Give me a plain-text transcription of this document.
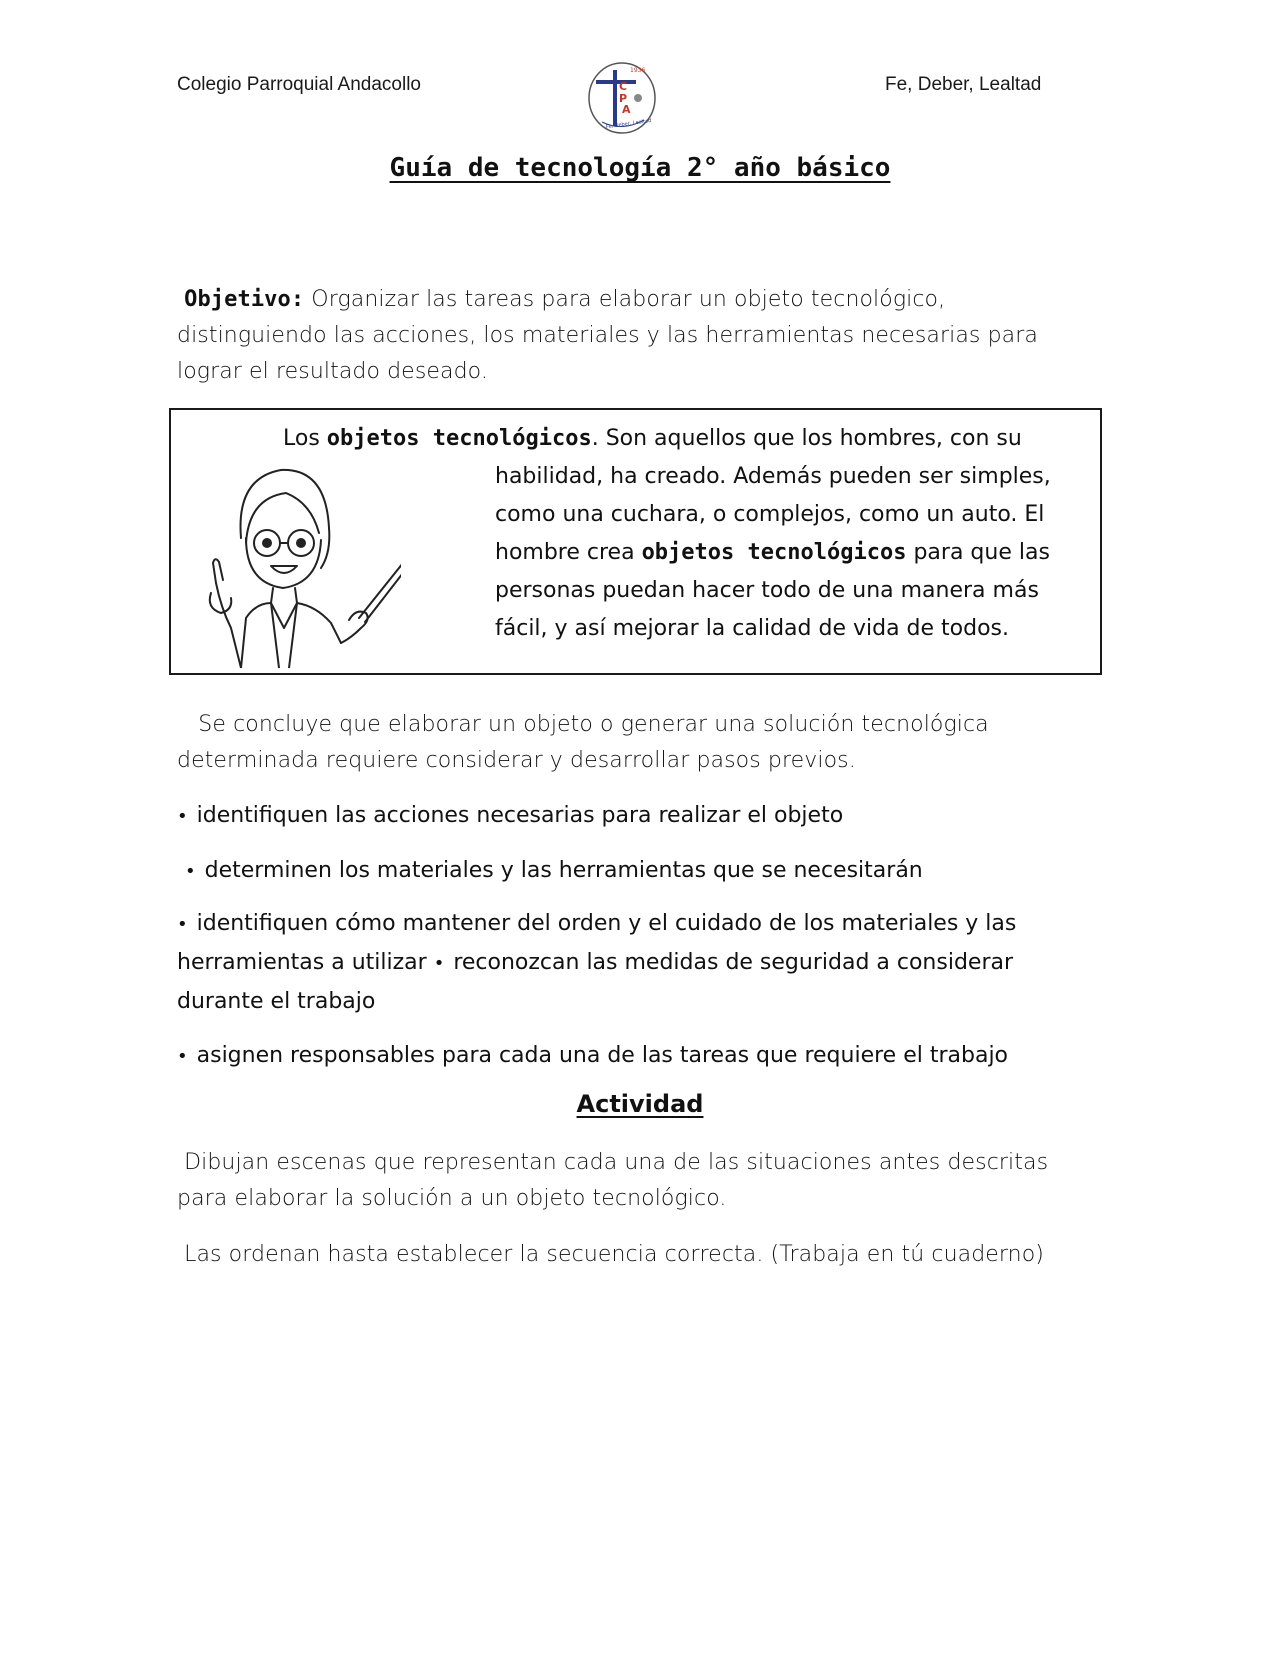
Colegio Parroquial Andacollo
1936
C
P
A
Fe, Deber, Lealtad
Fe, Deber, Lealtad
Guía de tecnología 2° año básico
Objetivo: Organizar las tareas para elaborar un objeto tecnológico, distinguiendo las acciones, los materiales y las herramientas necesarias para lograr el resultado deseado.
Los objetos tecnológicos. Son aquellos que los hombres, con su
habilidad, ha creado. Además pueden ser simples, como una cuchara, o complejos, como un auto. El hombre crea objetos tecnológicos para que las personas puedan hacer todo de una manera más fácil, y así mejorar la calidad de vida de todos.
Se concluye que elaborar un objeto o generar una solución tecnológica determinada requiere considerar y desarrollar pasos previos.
• identifiquen las acciones necesarias para realizar el objeto
• determinen los materiales y las herramientas que se necesitarán
• identifiquen cómo mantener del orden y el cuidado de los materiales y las herramientas a utilizar • reconozcan las medidas de seguridad a considerar durante el trabajo
• asignen responsables para cada una de las tareas que requiere el trabajo
Actividad
Dibujan escenas que representan cada una de las situaciones antes descritas para elaborar la solución a un objeto tecnológico.
Las ordenan hasta establecer la secuencia correcta. (Trabaja en tú cuaderno)
